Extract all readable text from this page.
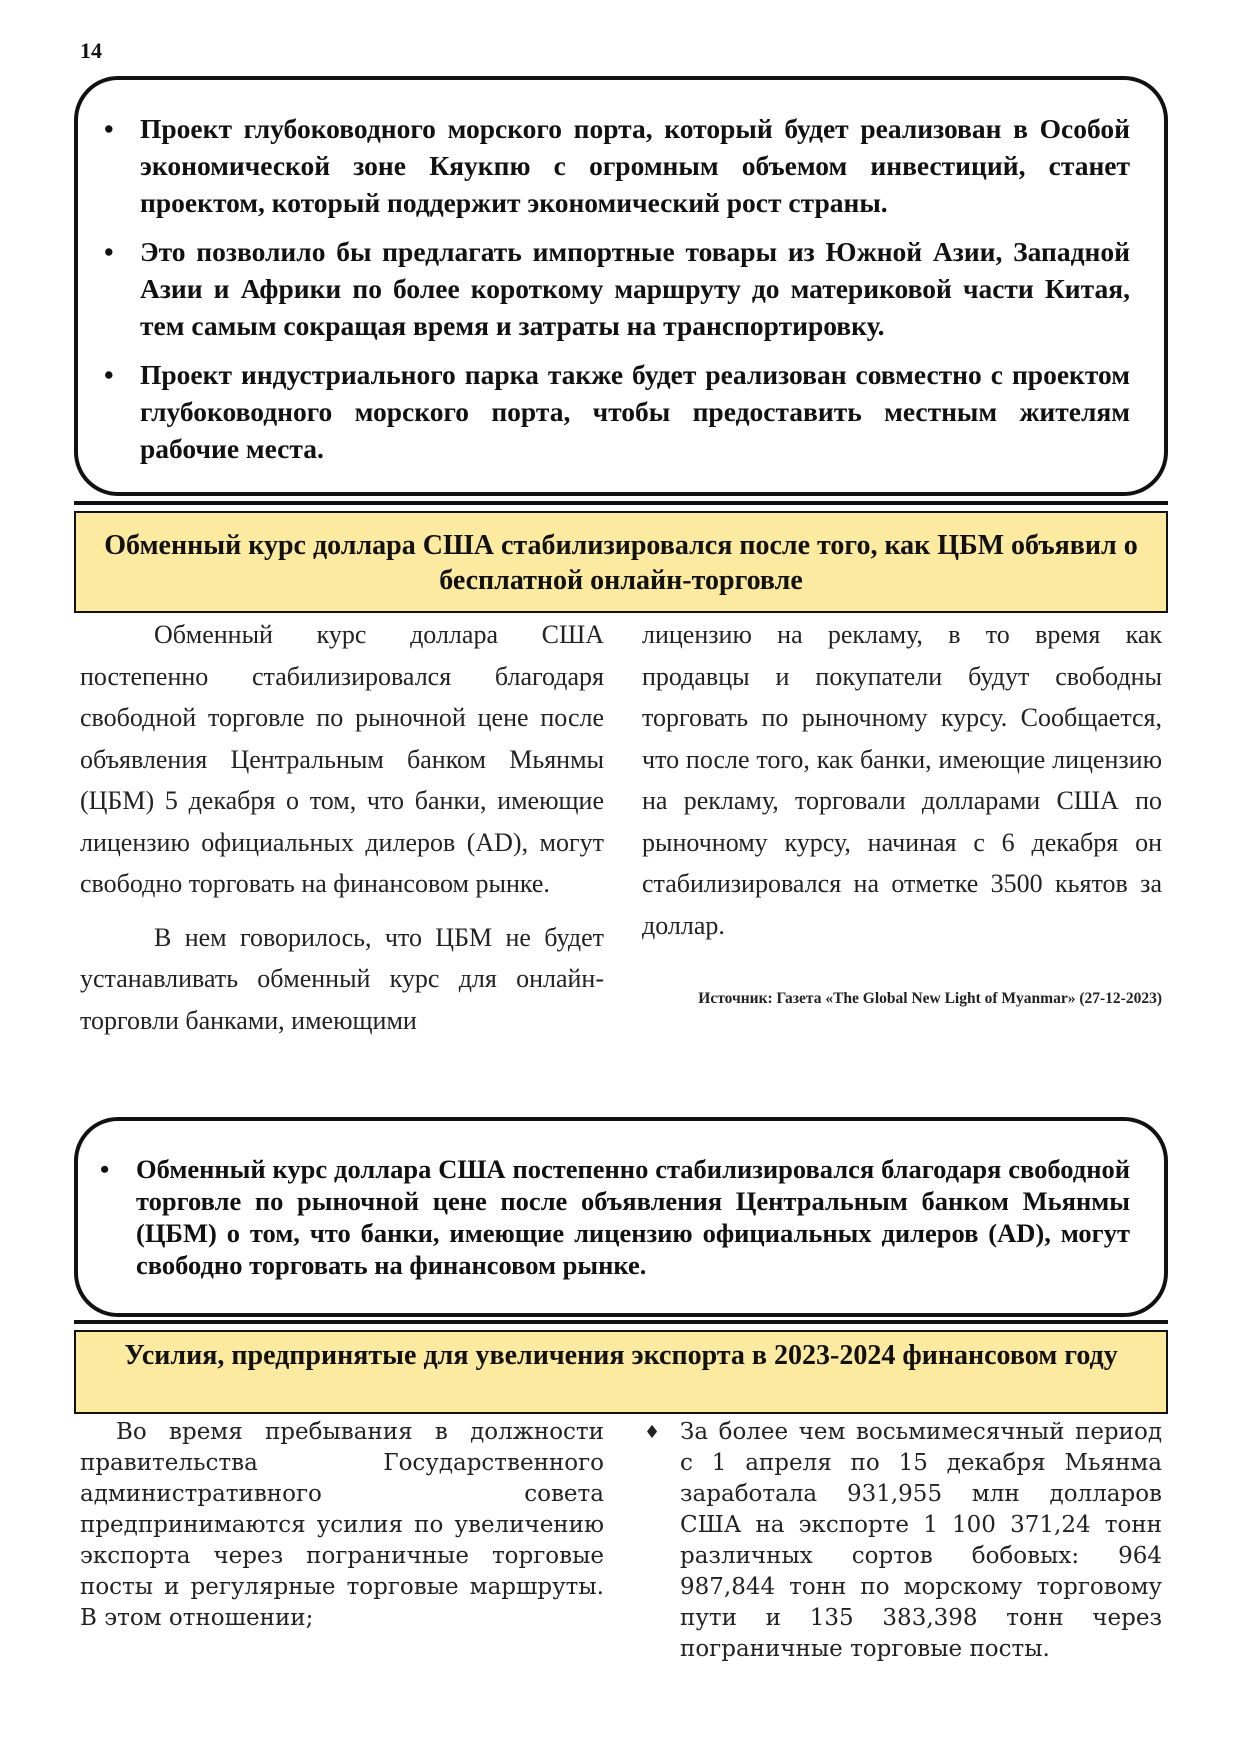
14
• Проект глубоководного морского порта, который будет реализован в Особой экономической зоне Кяукпю с огромным объемом инвестиций, станет проектом, который поддержит экономический рост страны.
• Это позволило бы предлагать импортные товары из Южной Азии, Западной Азии и Африки по более короткому маршруту до материковой части Китая, тем самым сокращая время и затраты на транспортировку.
• Проект индустриального парка также будет реализован совместно с проектом глубоководного морского порта, чтобы предоставить местным жителям рабочие места.
Обменный курс доллара США стабилизировался после того, как ЦБМ объявил о бесплатной онлайн-торговле

Обменный курс доллара США постепенно стабилизировался благодаря свободной торговле по рыночной цене после объявления Центральным банком Мьянмы (ЦБМ) 5 декабря о том, что банки, имеющие лицензию официальных дилеров (AD), могут свободно торговать на финансовом рынке.

В нем говорилось, что ЦБМ не будет устанавливать обменный курс для онлайн-торговли банками, имеющими

лицензию на рекламу, в то время как продавцы и покупатели будут свободны торговать по рыночному курсу. Сообщается, что после того, как банки, имеющие лицензию на рекламу, торговали долларами США по рыночному курсу, начиная с 6 декабря он стабилизировался на отметке 3500 кьятов за доллар.

Источник: Газета «The Global New Light of Myanmar» (27-12-2023)
• Обменный курс доллара США постепенно стабилизировался благодаря свободной торговле по рыночной цене после объявления Центральным банком Мьянмы (ЦБМ) о том, что банки, имеющие лицензию официальных дилеров (AD), могут свободно торговать на финансовом рынке.
Усилия, предпринятые для увеличения экспорта в 2023-2024 финансовом году

Во время пребывания в должности правительства Государственного административного совета предпринимаются усилия по увеличению экспорта через пограничные торговые посты и регулярные торговые маршруты. В этом отношении;

♦ За более чем восьмимесячный период с 1 апреля по 15 декабря Мьянма заработала 931,955 млн долларов США на экспорте 1 100 371,24 тонн различных сортов бобовых: 964 987,844 тонн по морскому торговому пути и 135 383,398 тонн через пограничные торговые посты.
